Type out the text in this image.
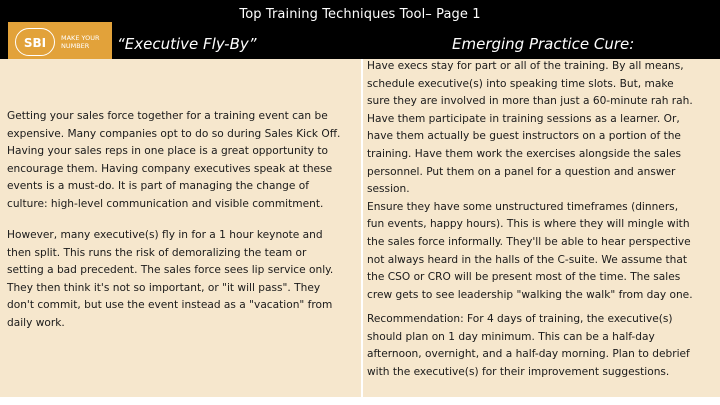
Top Training Techniques Tool– Page 1
SBI	MAKE YOUR
NUMBER	“Executive Fly-By”	Emerging Practice Cure:
Getting your sales force together for a training event can be
expensive. Many companies opt to do so during Sales Kick Off.
Having your sales reps in one place is a great opportunity to
encourage them. Having company executives speak at these
events is a must-do. It is part of managing the change of
culture: high-level communication and visible commitment.
However, many executive(s) fly in for a 1 hour keynote and
then split. This runs the risk of demoralizing the team or
setting a bad precedent. The sales force sees lip service only.
They then think it's not so important, or "it will pass". They
don't commit, but use the event instead as a "vacation" from
daily work.
Have execs stay for part or all of the training. By all means,
schedule executive(s) into speaking time slots. But, make
sure they are involved in more than just a 60-minute rah rah.
Have them participate in training sessions as a learner. Or,
have them actually be guest instructors on a portion of the
training. Have them work the exercises alongside the sales
personnel. Put them on a panel for a question and answer
session.
Ensure they have some unstructured timeframes (dinners,
fun events, happy hours). This is where they will mingle with
the sales force informally. They'll be able to hear perspective
not always heard in the halls of the C-suite. We assume that
the CSO or CRO will be present most of the time. The sales
crew gets to see leadership "walking the walk" from day one.
Recommendation: For 4 days of training, the executive(s)
should plan on 1 day minimum. This can be a half-day
afternoon, overnight, and a half-day morning. Plan to debrief
with the executive(s) for their improvement suggestions.
